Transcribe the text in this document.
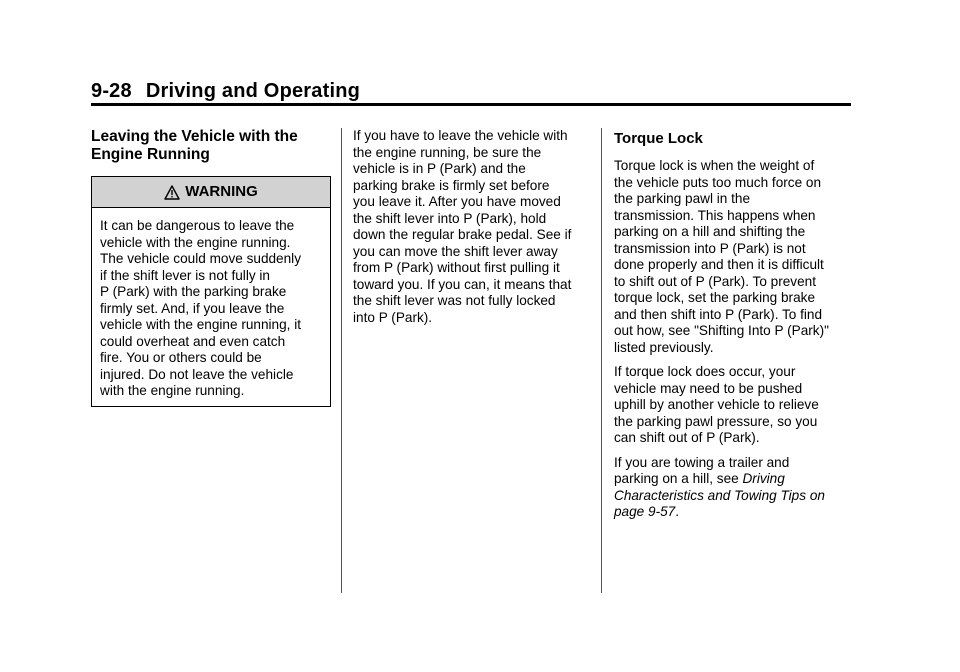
9-28 Driving and Operating
Leaving the Vehicle with the
Engine Running
WARNING
It can be dangerous to leave the
vehicle with the engine running.
The vehicle could move suddenly
if the shift lever is not fully in
P (Park) with the parking brake
firmly set. And, if you leave the
vehicle with the engine running, it
could overheat and even catch
fire. You or others could be
injured. Do not leave the vehicle
with the engine running.

If you have to leave the vehicle with
the engine running, be sure the
vehicle is in P (Park) and the
parking brake is firmly set before
you leave it. After you have moved
the shift lever into P (Park), hold
down the regular brake pedal. See if
you can move the shift lever away
from P (Park) without first pulling it
toward you. If you can, it means that
the shift lever was not fully locked
into P (Park).

Torque Lock

Torque lock is when the weight of
the vehicle puts too much force on
the parking pawl in the
transmission. This happens when
parking on a hill and shifting the
transmission into P (Park) is not
done properly and then it is difficult
to shift out of P (Park). To prevent
torque lock, set the parking brake
and then shift into P (Park). To find
out how, see "Shifting Into P (Park)"
listed previously.

If torque lock does occur, your
vehicle may need to be pushed
uphill by another vehicle to relieve
the parking pawl pressure, so you
can shift out of P (Park).

If you are towing a trailer and
parking on a hill, see Driving
Characteristics and Towing Tips on
page 9-57.
